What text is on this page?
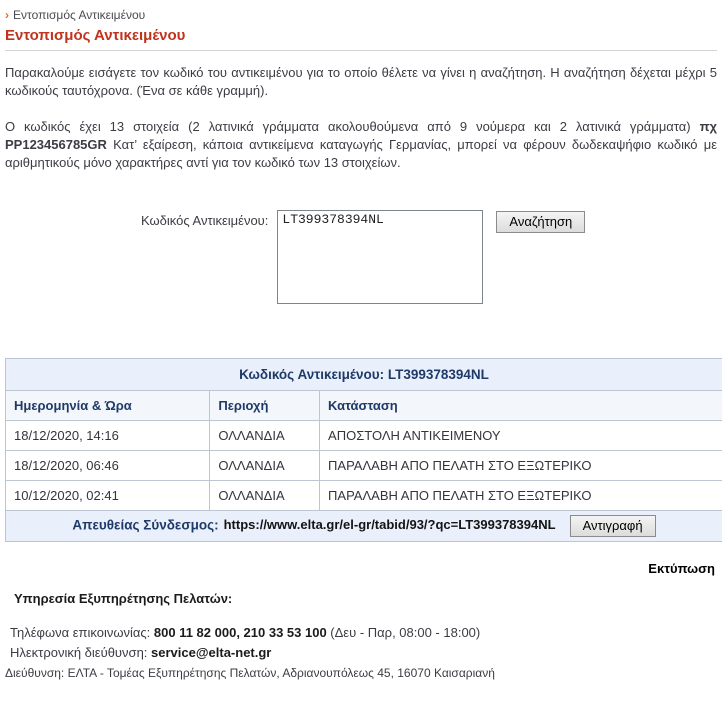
› Εντοπισμός Αντικειμένου
Εντοπισμός Αντικειμένου

Παρακαλούμε εισάγετε τον κωδικό του αντικειμένου για το οποίο θέλετε να γίνει η αναζήτηση. Η αναζήτηση δέχεται μέχρι 5 κωδικούς ταυτόχρονα. (Ένα σε κάθε γραμμή).

Ο κωδικός έχει 13 στοιχεία (2 λατινικά γράμματα ακολουθούμενα από 9 νούμερα και 2 λατινικά γράμματα) πχ PP123456785GR Κατ’ εξαίρεση, κάποια αντικείμενα καταγωγής Γερμανίας, μπορεί να φέρουν δωδεκαψήφιο κωδικό με αριθμητικούς μόνο χαρακτήρες αντί για τον κωδικό των 13 στοιχείων.

Κωδικός Αντικειμένου:
LT399378394NL	Αναζήτηση
Κωδικός Αντικειμένου: LT399378394NL		
Ημερομηνία & Ώρα	Περιοχή	Κατάσταση
18/12/2020, 14:16	ΟΛΛΑΝΔΙΑ	ΑΠΟΣΤΟΛΗ ΑΝΤΙΚΕΙΜΕΝΟΥ
18/12/2020, 06:46	ΟΛΛΑΝΔΙΑ	ΠΑΡΑΛΑΒΗ ΑΠΟ ΠΕΛΑΤΗ ΣΤΟ ΕΞΩΤΕΡΙΚΟ
10/12/2020, 02:41	ΟΛΛΑΝΔΙΑ	ΠΑΡΑΛΑΒΗ ΑΠΟ ΠΕΛΑΤΗ ΣΤΟ ΕΞΩΤΕΡΙΚΟ
Απευθείας Σύνδεσμος: https://www.elta.gr/el-gr/tabid/93/?qc=LT399378394NL Αντιγραφή		
Εκτύπωση
Υπηρεσία Εξυπηρέτησης Πελατών:
Τηλέφωνα επικοινωνίας: 800 11 82 000, 210 33 53 100 (Δευ - Παρ, 08:00 - 18:00)
Ηλεκτρονική διεύθυνση: service@elta-net.gr
Διεύθυνση: ΕΛΤΑ - Τομέας Εξυπηρέτησης Πελατών, Αδριανουπόλεως 45, 16070 Καισαριανή
